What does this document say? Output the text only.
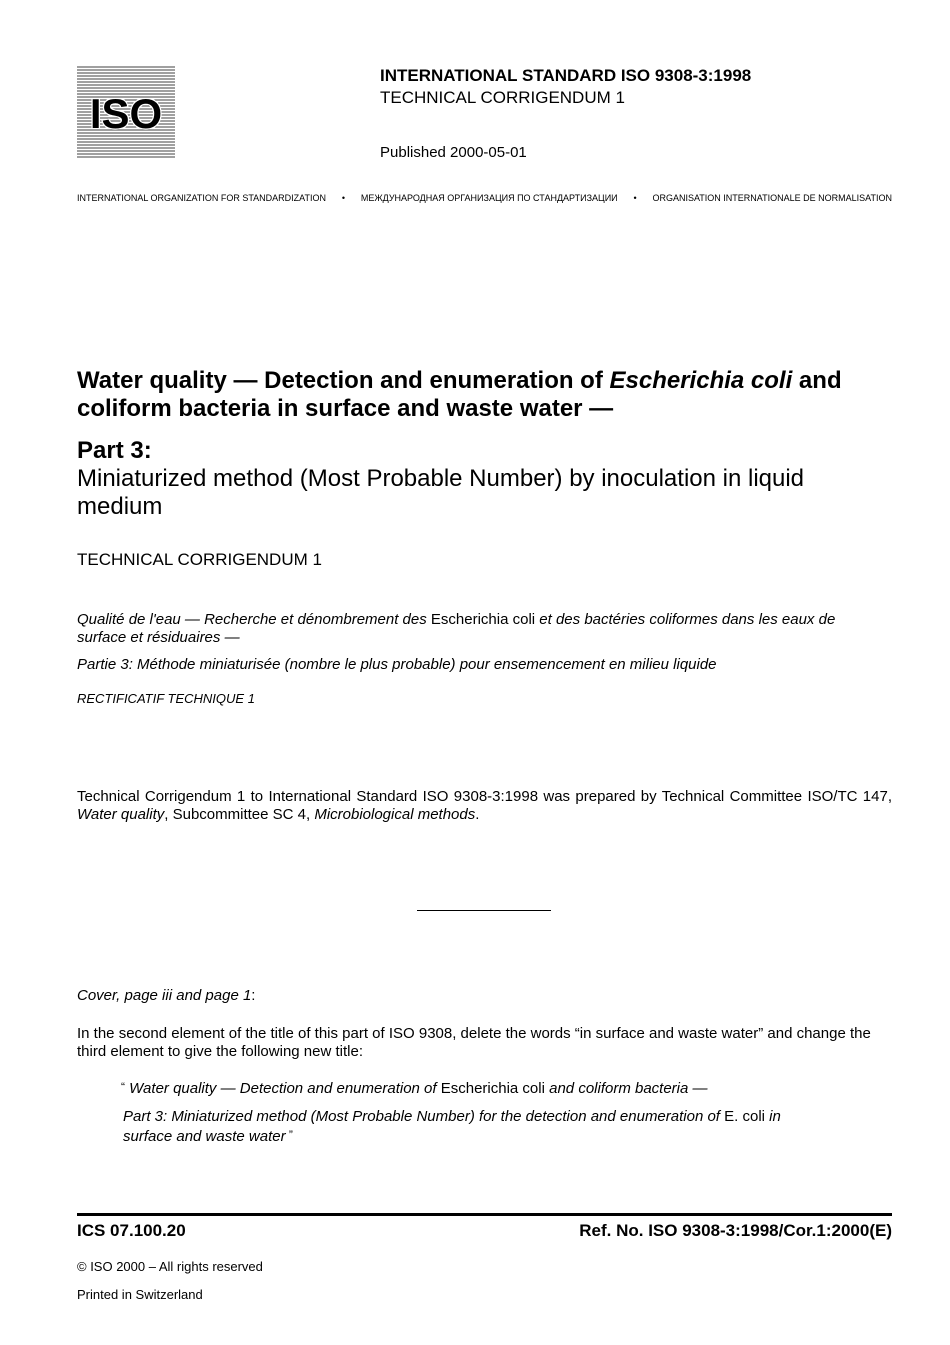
ISO
INTERNATIONAL STANDARD ISO 9308-3:1998
TECHNICAL CORRIGENDUM 1
Published 2000-05-01
INTERNATIONAL ORGANIZATION FOR STANDARDIZATION • МЕЖДУНАРОДНАЯ ОРГАНИЗАЦИЯ ПО СТАНДАРТИЗАЦИИ • ORGANISATION INTERNATIONALE DE NORMALISATION
Water quality — Detection and enumeration of Escherichia coli and coliform bacteria in surface and waste water —
Part 3:
Miniaturized method (Most Probable Number) by inoculation in liquid medium
TECHNICAL CORRIGENDUM 1
Qualité de l'eau — Recherche et dénombrement des Escherichia coli et des bactéries coliformes dans les eaux de surface et résiduaires —
Partie 3: Méthode miniaturisée (nombre le plus probable) pour ensemencement en milieu liquide
RECTIFICATIF TECHNIQUE 1
Technical Corrigendum 1 to International Standard ISO 9308-3:1998 was prepared by Technical Committee ISO/TC 147, Water quality, Subcommittee SC 4, Microbiological methods.
Cover, page iii and page 1:
In the second element of the title of this part of ISO 9308, delete the words “in surface and waste water” and change the third element to give the following new title:
“ Water quality — Detection and enumeration of Escherichia coli and coliform bacteria —
Part 3: Miniaturized method (Most Probable Number) for the detection and enumeration of E. coli in surface and waste water ”
ICS 07.100.20	Ref. No. ISO 9308-3:1998/Cor.1:2000(E)
© ISO 2000 – All rights reserved
Printed in Switzerland
